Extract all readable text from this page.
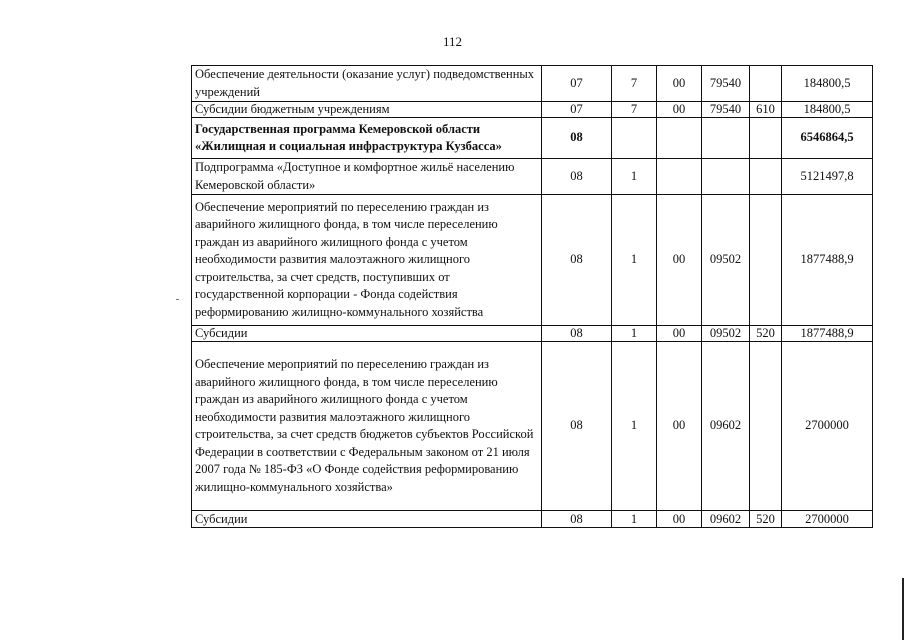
112
Обеспечение деятельности (оказание услуг) подведомственных учреждений	07	7	00	79540		184800,5
Субсидии бюджетным учреждениям	07	7	00	79540	610	184800,5
Государственная программа Кемеровской области «Жилищная и социальная инфраструктура Кузбасса»	08					6546864,5
Подпрограмма «Доступное и комфортное жильё населению Кемеровской области»	08	1				5121497,8
Обеспечение мероприятий по переселению граждан из аварийного жилищного фонда, в том числе переселению граждан из аварийного жилищного фонда с учетом необходимости развития малоэтажного жилищного строительства, за счет средств, поступивших от государственной корпорации - Фонда содействия реформированию жилищно-коммунального хозяйства	08	1	00	09502		1877488,9
Субсидии	08	1	00	09502	520	1877488,9
Обеспечение мероприятий по переселению граждан из аварийного жилищного фонда, в том числе переселению граждан из аварийного жилищного фонда с учетом необходимости развития малоэтажного жилищного строительства, за счет средств бюджетов субъектов Российской Федерации в соответствии с Федеральным законом от 21 июля 2007 года № 185-ФЗ «О Фонде содействия реформированию жилищно-коммунального хозяйства»	08	1	00	09602		2700000
Субсидии	08	1	00	09602	520	2700000
